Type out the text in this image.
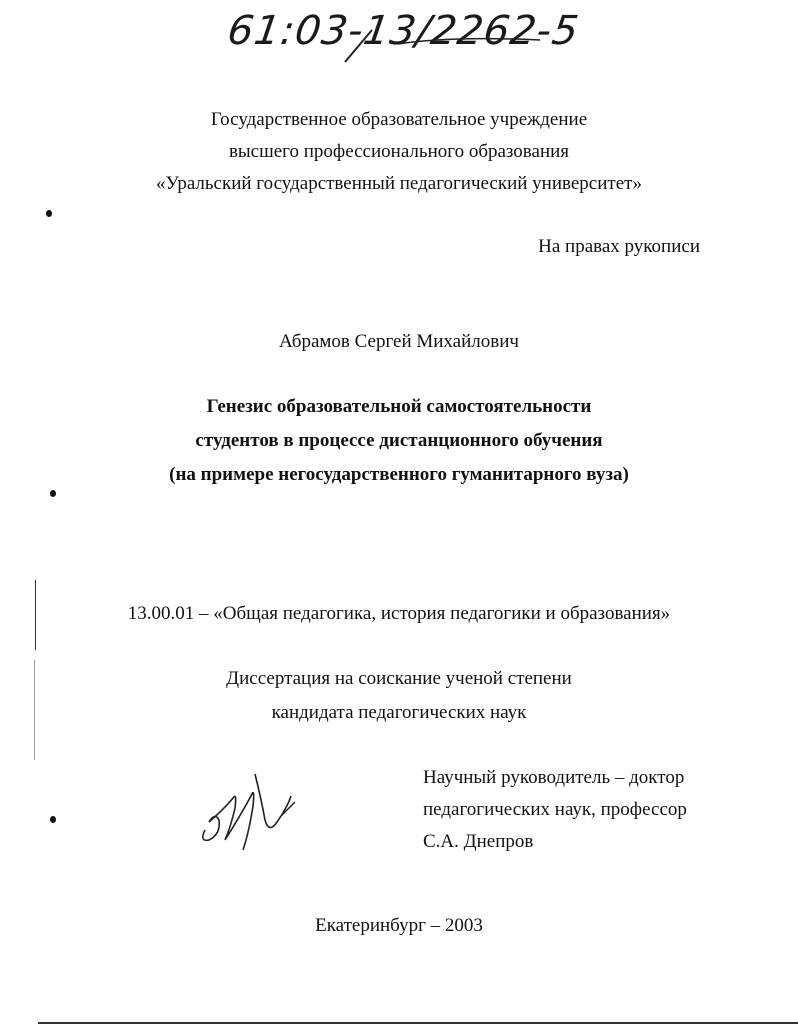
61:03-13/2262-5
Государственное образовательное учреждение
высшего профессионального образования
«Уральский государственный педагогический университет»
На правах рукописи
Абрамов Сергей Михайлович
Генезис образовательной самостоятельности
студентов в процессе дистанционного обучения
(на примере негосударственного гуманитарного вуза)
13.00.01 – «Общая педагогика, история педагогики и образования»
Диссертация на соискание ученой степени
кандидата педагогических наук
Научный руководитель – доктор
педагогических наук, профессор
С.А. Днепров
Екатеринбург – 2003
